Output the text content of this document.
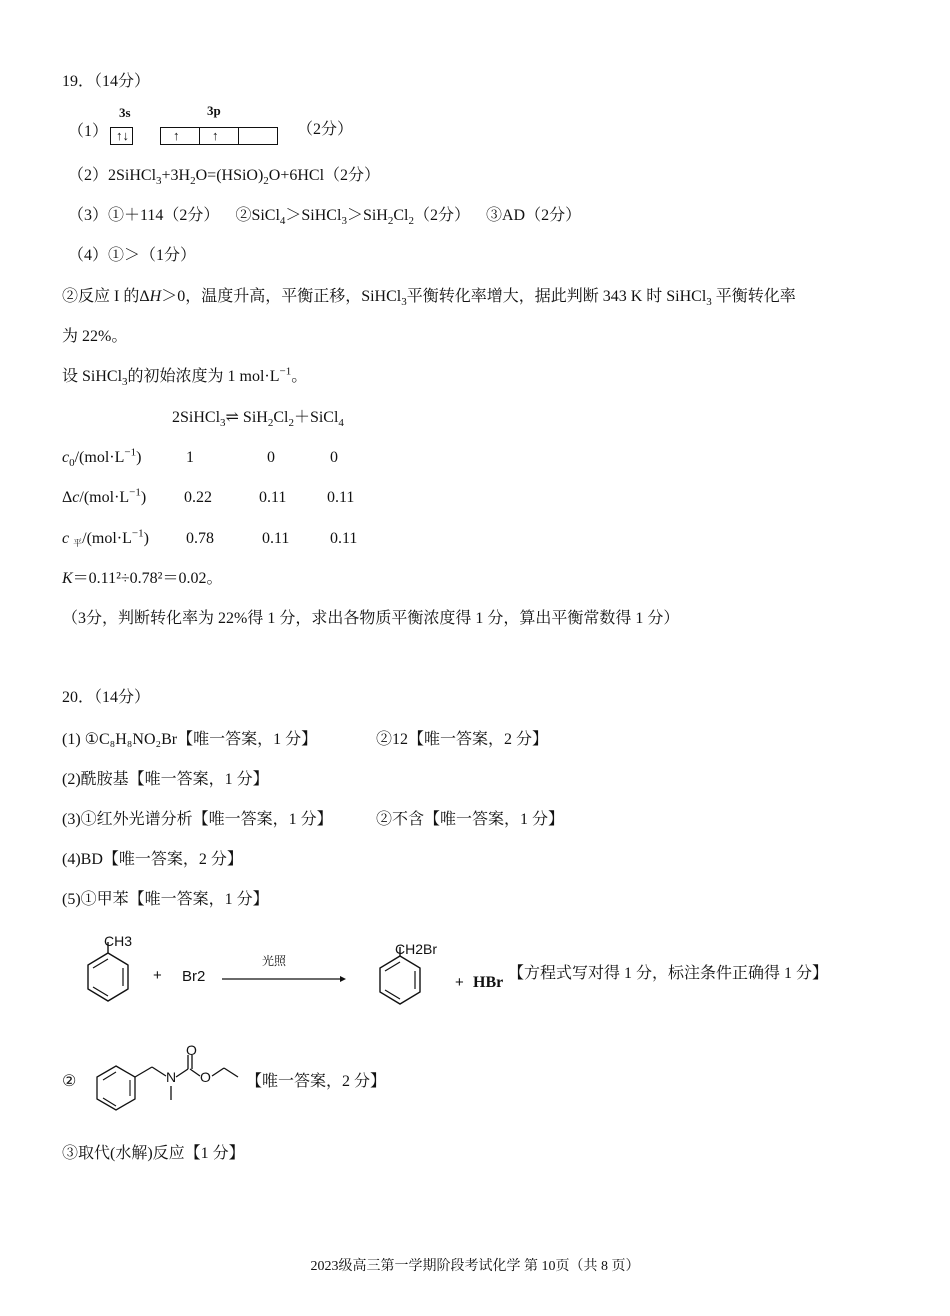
19．（14分）
（1）
3s	3p
↑↓	↑	↑	（2分）
$(2)2SiHCl_3+3H_2O=(HSiO)_2O+6HCl(2$分）
（3）①＋114（2分）    $②SiCl_4>SiHCl_3>SiH_2Cl_2(2$分） ③AD（2分）
（4）①＞（1分）
②反应 I 的ΔH＞0，温度升高，平衡正移，SiHCl$_3$平衡转化率增大，据此判断 343 K 时 SiHCl$_3$ 平衡转化率
为 22%。
设 SiHCl$_3$的初始浓度为 1 $mol\cdot L^{-1}$。
2SiHCl$_3$⇌ $SiH_2Cl_2+SiCl_4$
$c_0/(mol\cdot L^{-1})$	1	0	0
$\Delta c/(mol\cdot L^{-1})$ 0.22	0.11	0.11
c 平$/(mol\cdot L^{-1})$ 0.78	0.11	0.11
K＝0.11²÷0.78²＝0.02。
（3分，判断转化率为 22%得 1 分，求出各物质平衡浓度得 1 分，算出平衡常数得 1 分）
20．（14分）
(1) ①C₈H₈NO₂Br【唯一答案，1 分】	②12【唯一答案，2 分】
(2)酰胺基【唯一答案，1 分】
(3)①红外光谱分析【唯一答案，1 分】	②不含【唯一答案，1 分】
(4)BD【唯一答案，2 分】
(5)①甲苯【唯一答案，1 分】
CH3
+ Br2
光照
CH2Br
+ HBr
【方程式写对得 1 分，标注条件正确得 1 分】
②	N
O
O 【唯一答案，2 分】
③取代(水解)反应【1 分】
2023级高三第一学期阶段考试化学 第 10页（共 8 页）
